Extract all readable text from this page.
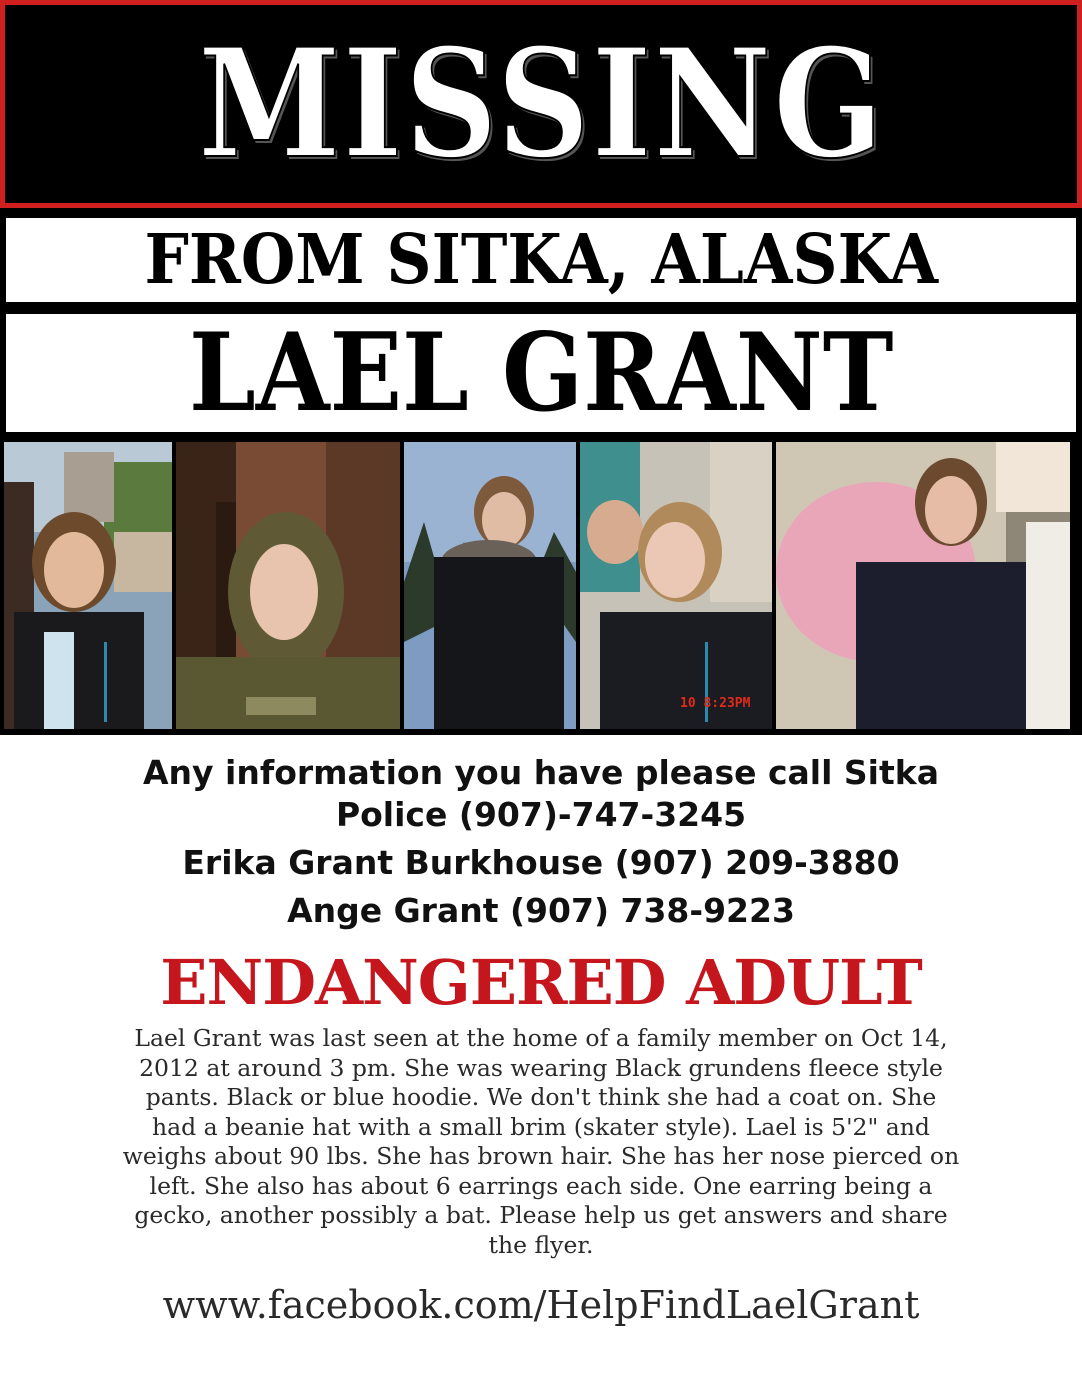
MISSING
FROM SITKA, ALASKA
LAEL GRANT
10 8:23PM
Any information you have please call Sitka
Police (907)-747-3245
Erika Grant Burkhouse (907) 209-3880
Ange Grant (907) 738-9223
ENDANGERED ADULT
Lael Grant was last seen at the home of a family member on Oct 14, 2012 at around 3 pm. She was wearing Black grundens fleece style pants. Black or blue hoodie. We don't think she had a coat on. She had a beanie hat with a small brim (skater style). Lael is 5'2" and weighs about 90 lbs. She has brown hair. She has her nose pierced on left. She also has about 6 earrings each side. One earring being a gecko, another possibly a bat. Please help us get answers and share the flyer.
www.facebook.com/HelpFindLaelGrant
